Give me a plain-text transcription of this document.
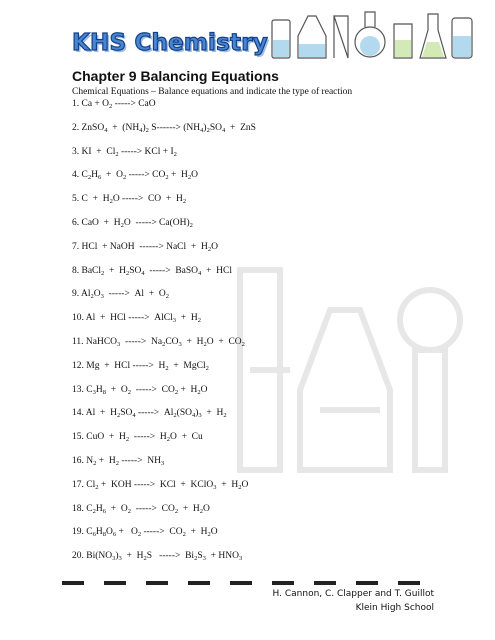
KHS Chemistry
Chapter 9 Balancing Equations
Chemical Equations – Balance equations and indicate the type of reaction
1. $Ca + O_2$ -----> CaO
2. ZnSO$_4$  +  $(NH_4)_2$ $S------> (NH_4)_2SO_4$  +  ZnS
3. KI  +  $Cl_2$ -----> KCl + $I_2$
4. $C_2H_6 + O_2$ -----> $CO_2 + H_2O$
5. $C + H_2O$ ----->  CO  +  $H_2$
6. CaO  +  $H_2O$  -----> $Ca(OH)_2$
7. HCl  + NaOH  ------> NaCl  +  $H_2O$
8. BaCl$_2$  +  $H_2SO_4$  ----->  BaSO$_4$  +  HCl
9. $Al_2O_3$  ----->  $Al + O_2$
10. Al  +  HCl ----->  AlCl$_3$  +  $H_2$
11. NaHCO$_3$  ----->  $Na_2CO_3 + H_2O + CO_2$
12. Mg  +  HCl ----->  $H_2$  +  MgCl$_2$
13. $C_3H_8 + O_2$  ----->  $CO_2 + H_2O$
14. $Al + H_2SO_4$ ----->  $Al_2(SO_4)_3 + H_2$
15. CuO  +  $H_2$  ----->  $H_2O + Cu$
16. $N_2 + H_2$ ----->  $NH_3$
17. $Cl_2$ +  KOH ----->  KCl  +  KClO$_3$  +  $H_2O$
18. $C_2H_6 + O_2$  ----->  $CO_2 + H_2O$
19. $C_6H_8O_6 + O_2$ ----->  $CO_2 + H_2O$
20. $Bi(NO_3)_3 + H_2S$   ----->  $Bi_2S_3 + HNO_3$
H. Cannon, C. Clapper and T. Guillot
Klein High School
